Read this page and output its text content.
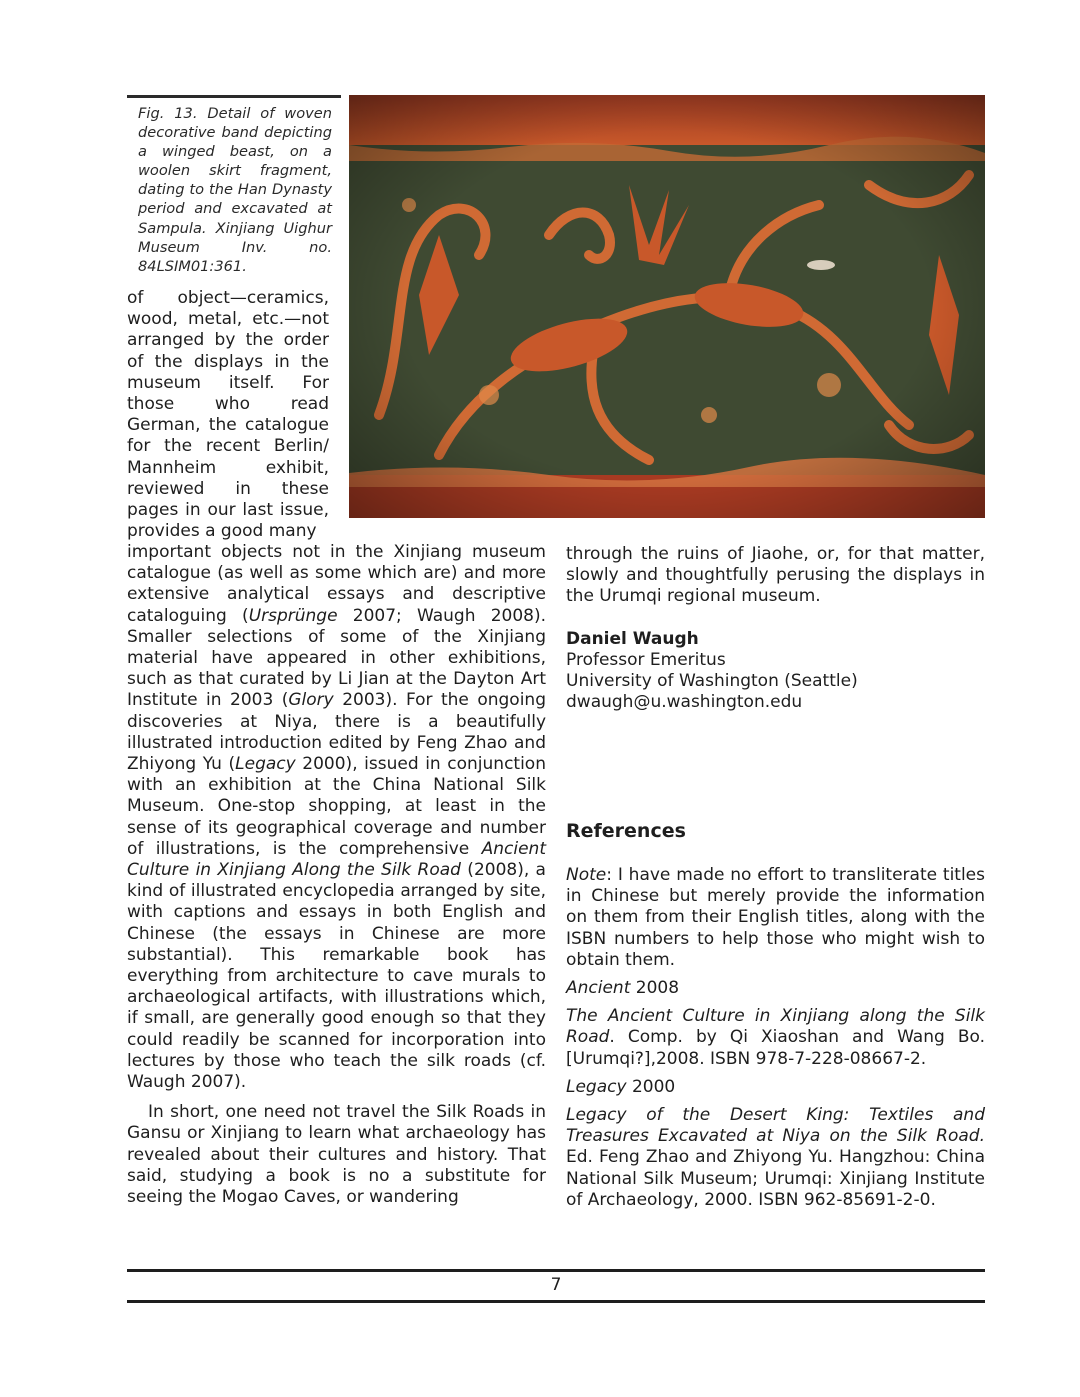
Fig. 13. Detail of woven decorative band depicting a winged beast, on a woolen skirt fragment, dating to the Han Dynasty period and excavated at Sampula. Xinjiang Uighur Museum Inv. no. 84LSIM01:361.

of object—ceramics, wood, metal, etc.—not arranged by the order of the displays in the museum itself. For those who read German, the catalogue for the recent Berlin/ Mannheim exhibit, reviewed in these pages in our last issue, provides a good many

important objects not in the Xinjiang museum catalogue (as well as some which are) and more extensive analytical essays and descriptive cataloguing (Ursprünge 2007; Waugh 2008). Smaller selections of some of the Xinjiang material have appeared in other exhibitions, such as that curated by Li Jian at the Dayton Art Institute in 2003 (Glory 2003). For the ongoing discoveries at Niya, there is a beautifully illustrated introduction edited by Feng Zhao and Zhiyong Yu (Legacy 2000), issued in conjunction with an exhibition at the China National Silk Museum. One-stop shopping, at least in the sense of its geographical coverage and number of illustrations, is the comprehensive Ancient Culture in Xinjiang Along the Silk Road (2008), a kind of illustrated encyclopedia arranged by site, with captions and essays in both English and Chinese (the essays in Chinese are more substantial). This remarkable book has everything from architecture to cave murals to archaeological artifacts, with illustrations which, if small, are generally good enough so that they could readily be scanned for incorporation into lectures by those who teach the silk roads (cf. Waugh 2007).

In short, one need not travel the Silk Roads in Gansu or Xinjiang to learn what archaeology has revealed about their cultures and history. That said, studying a book is no a substitute for seeing the Mogao Caves, or wandering

through the ruins of Jiaohe, or, for that matter, slowly and thoughtfully perusing the displays in the Urumqi regional museum.

Daniel Waugh
Professor Emeritus
University of Washington (Seattle)
dwaugh@u.washington.edu
References

Note: I have made no effort to transliterate titles in Chinese but merely provide the information on them from their English titles, along with the ISBN numbers to help those who might wish to obtain them.

Ancient 2008

The Ancient Culture in Xinjiang along the Silk Road. Comp. by Qi Xiaoshan and Wang Bo. [Urumqi?],2008. ISBN 978-7-228-08667-2.

Legacy 2000

Legacy of the Desert King: Textiles and Treasures Excavated at Niya on the Silk Road. Ed. Feng Zhao and Zhiyong Yu. Hangzhou: China National Silk Museum; Urumqi: Xinjiang Institute of Archaeology, 2000. ISBN 962-85691-2-0.

7
